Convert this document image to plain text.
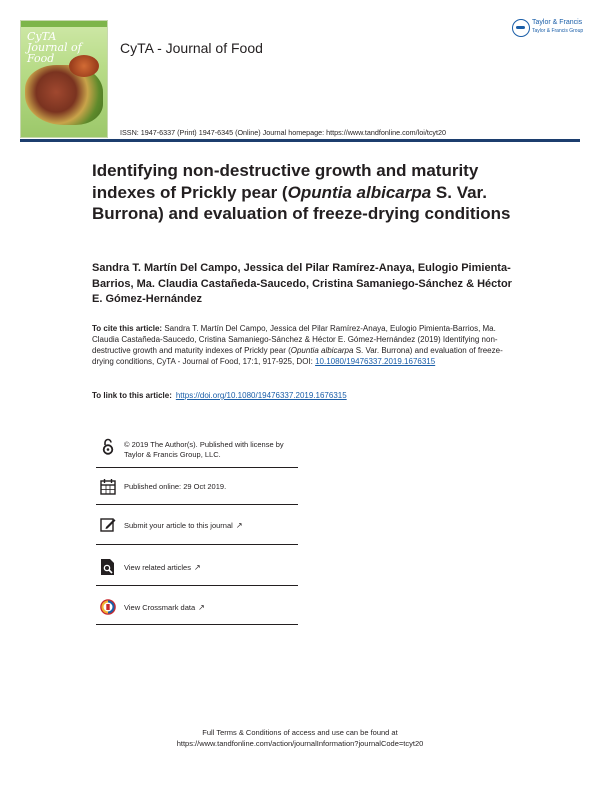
CyTA
Journal of Food
CyTA - Journal of Food
Taylor & Francis
Taylor & Francis Group
ISSN: 1947-6337 (Print) 1947-6345 (Online) Journal homepage: https://www.tandfonline.com/loi/tcyt20
Identifying non-destructive growth and maturity indexes of Prickly pear (Opuntia albicarpa S. Var. Burrona) and evaluation of freeze-drying conditions
Sandra T. Martín Del Campo, Jessica del Pilar Ramírez-Anaya, Eulogio Pimienta-Barrios, Ma. Claudia Castañeda-Saucedo, Cristina Samaniego-Sánchez & Héctor E. Gómez-Hernández
To cite this article: Sandra T. Martín Del Campo, Jessica del Pilar Ramírez-Anaya, Eulogio Pimienta-Barrios, Ma. Claudia Castañeda-Saucedo, Cristina Samaniego-Sánchez & Héctor E. Gómez-Hernández (2019) Identifying non-destructive growth and maturity indexes of Prickly pear (Opuntia albicarpa S. Var. Burrona) and evaluation of freeze-drying conditions, CyTA - Journal of Food, 17:1, 917-925, DOI: 10.1080/19476337.2019.1676315
To link to this article: https://doi.org/10.1080/19476337.2019.1676315
© 2019 The Author(s). Published with license by Taylor & Francis Group, LLC.
Published online: 29 Oct 2019.
Submit your article to this journal ↗
View related articles ↗
View Crossmark data ↗
Full Terms & Conditions of access and use can be found at
https://www.tandfonline.com/action/journalInformation?journalCode=tcyt20
